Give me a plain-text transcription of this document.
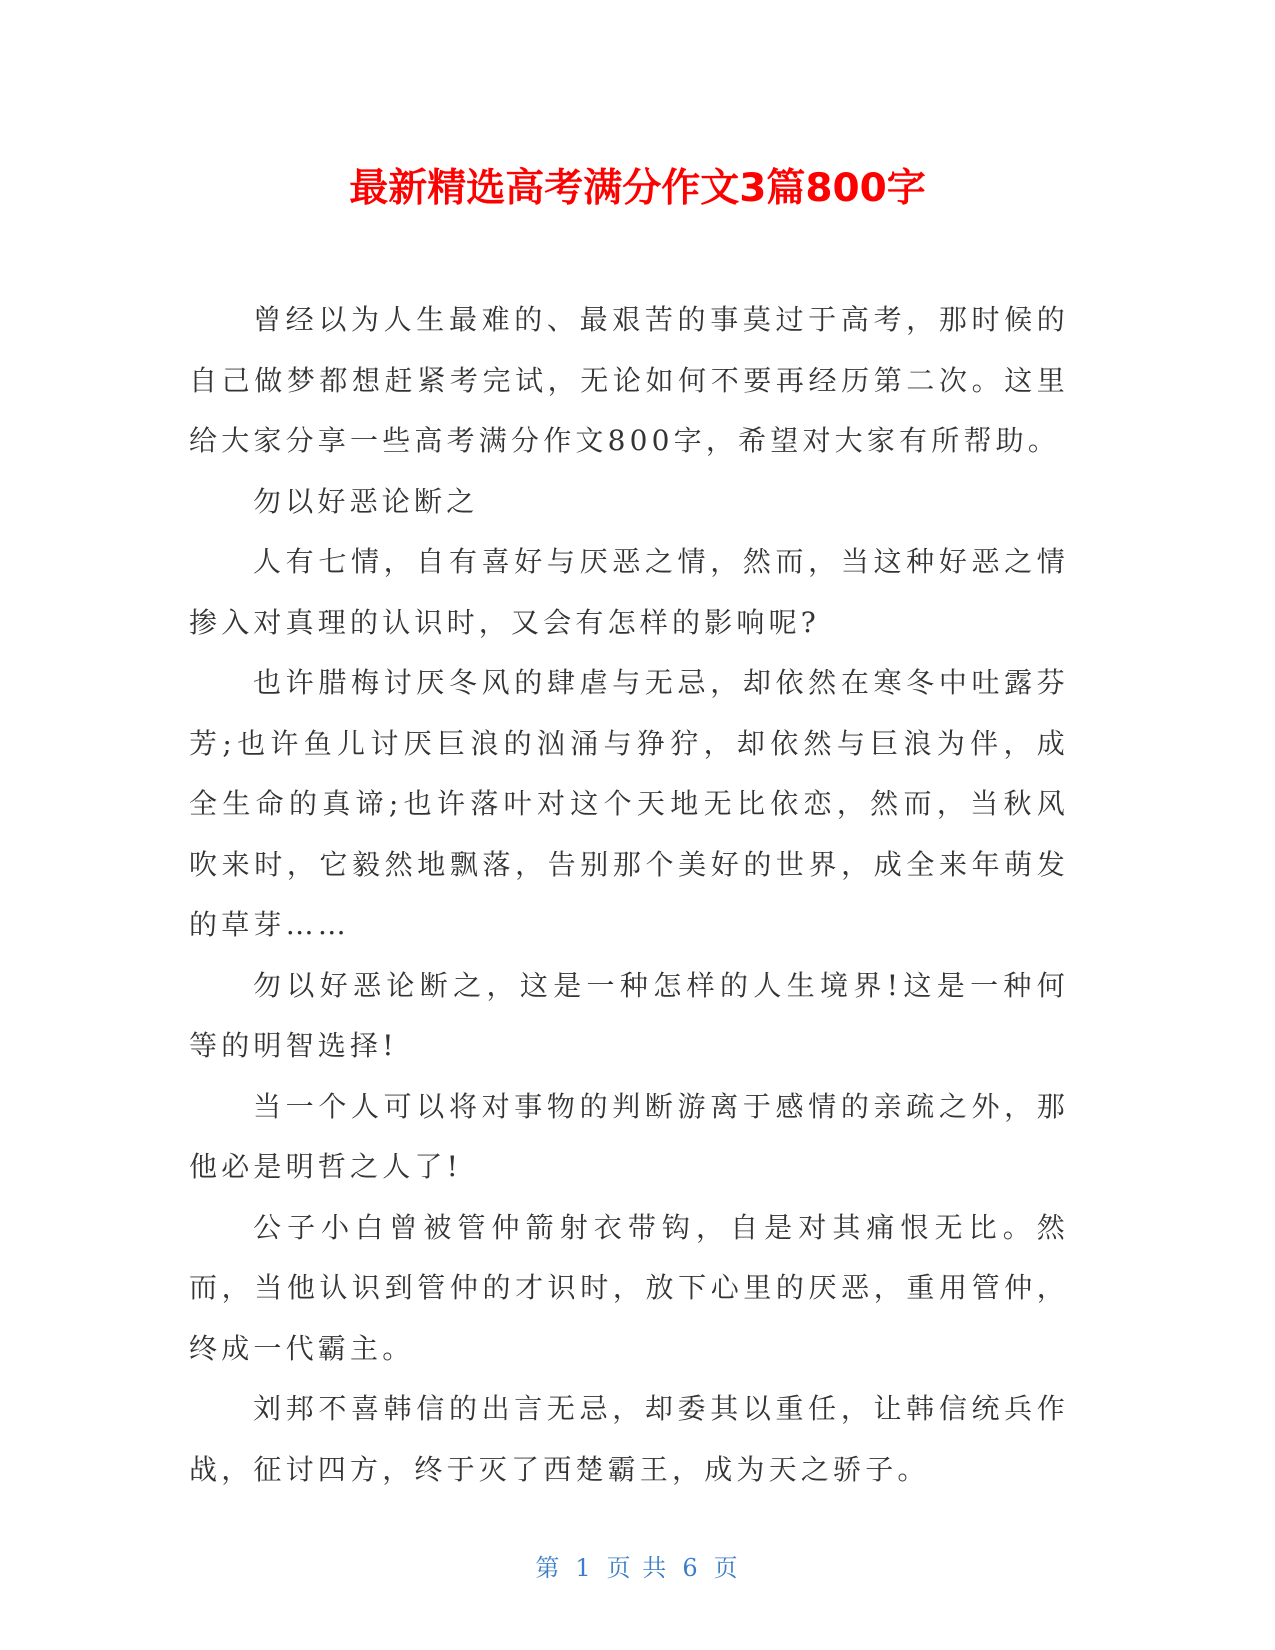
最新精选高考满分作文3篇800字

曾经以为人生最难的、最艰苦的事莫过于高考，那时候的自己做梦都想赶紧考完试，无论如何不要再经历第二次。这里给大家分享一些高考满分作文800字，希望对大家有所帮助。

勿以好恶论断之

人有七情，自有喜好与厌恶之情，然而，当这种好恶之情掺入对真理的认识时，又会有怎样的影响呢?

也许腊梅讨厌冬风的肆虐与无忌，却依然在寒冬中吐露芬芳;也许鱼儿讨厌巨浪的汹涌与狰狞，却依然与巨浪为伴，成全生命的真谛;也许落叶对这个天地无比依恋，然而，当秋风吹来时，它毅然地飘落，告别那个美好的世界，成全来年萌发的草芽……

勿以好恶论断之，这是一种怎样的人生境界!这是一种何等的明智选择!

当一个人可以将对事物的判断游离于感情的亲疏之外，那他必是明哲之人了!

公子小白曾被管仲箭射衣带钩，自是对其痛恨无比。然而，当他认识到管仲的才识时，放下心里的厌恶，重用管仲，终成一代霸主。

刘邦不喜韩信的出言无忌，却委其以重任，让韩信统兵作战，征讨四方，终于灭了西楚霸王，成为天之骄子。

第 1 页 共 6 页
